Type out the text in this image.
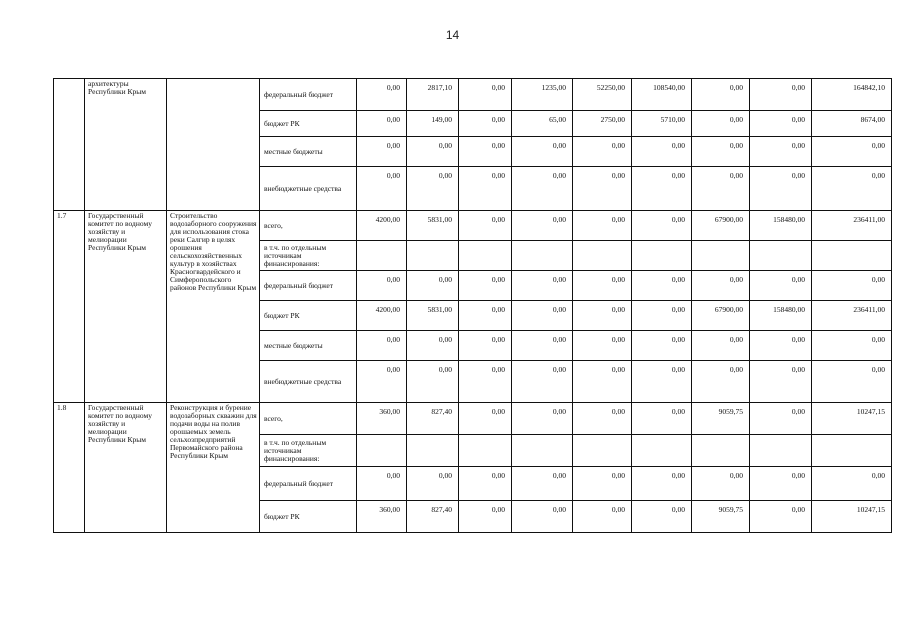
14
	архитектуры Республики Крым		федеральный бюджет	0,00	2817,10	0,00	1235,00	52250,00	108540,00	0,00	0,00	164842,10
			бюджет РК	0,00	149,00	0,00	65,00	2750,00	5710,00	0,00	0,00	8674,00
			местные бюджеты	0,00	0,00	0,00	0,00	0,00	0,00	0,00	0,00	0,00
			внебюджетные средства	0,00	0,00	0,00	0,00	0,00	0,00	0,00	0,00	0,00
1.7	Государственный комитет по водному хозяйству и мелиорации Республики Крым	Строительство водозаборного сооружения для использования стока реки Салгир в целях орошения сельскохозяйственных культур в хозяйствах Красногвардейского и Симферопольского районов Республики Крым	всего,	4200,00	5831,00	0,00	0,00	0,00	0,00	67900,00	158480,00	236411,00
			в т.ч. по отдельным источникам финансирования:									
			федеральный бюджет	0,00	0,00	0,00	0,00	0,00	0,00	0,00	0,00	0,00
			бюджет РК	4200,00	5831,00	0,00	0,00	0,00	0,00	67900,00	158480,00	236411,00
			местные бюджеты	0,00	0,00	0,00	0,00	0,00	0,00	0,00	0,00	0,00
			внебюджетные средства	0,00	0,00	0,00	0,00	0,00	0,00	0,00	0,00	0,00
1.8	Государственный комитет по водному хозяйству и мелиорации Республики Крым	Реконструкция и бурение водозаборных скважин для подачи воды на полив орошаемых земель сельхозпредприятий Первомайского района Республики Крым	всего,	360,00	827,40	0,00	0,00	0,00	0,00	9059,75	0,00	10247,15
			в т.ч. по отдельным источникам финансирования:									
			федеральный бюджет	0,00	0,00	0,00	0,00	0,00	0,00	0,00	0,00	0,00
			бюджет РК	360,00	827,40	0,00	0,00	0,00	0,00	9059,75	0,00	10247,15
